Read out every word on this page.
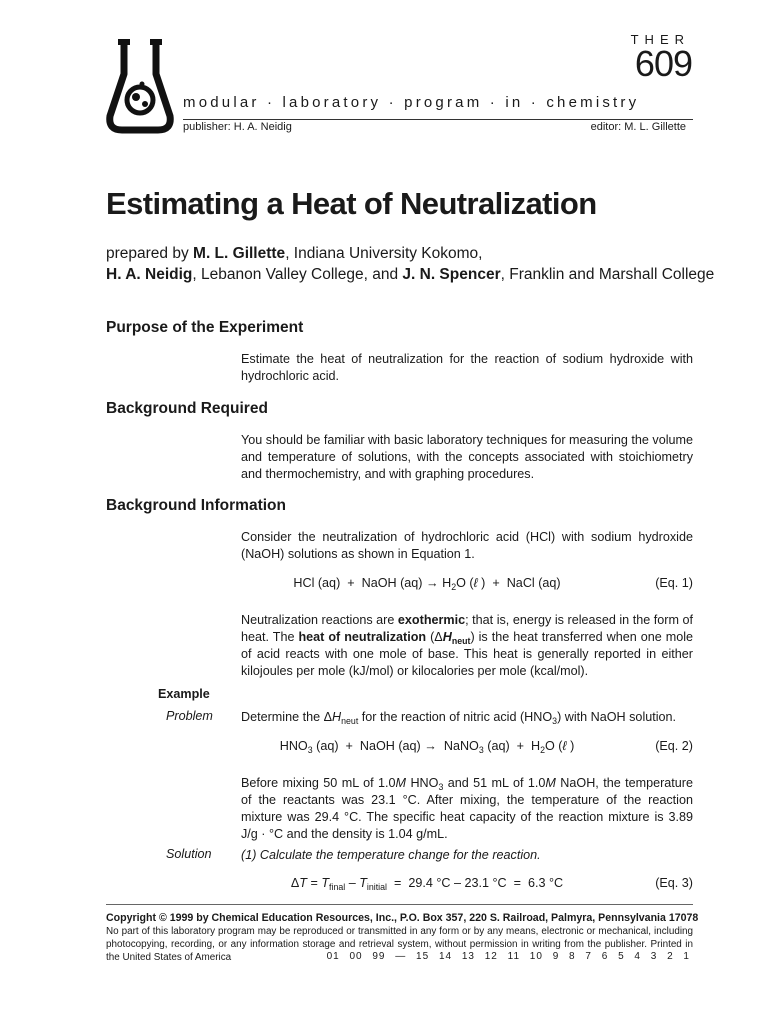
THER
609
modular · laboratory · program · in · chemistry
publisher: H. A. Neidig	editor: M. L. Gillette
Estimating a Heat of Neutralization
prepared by M. L. Gillette, Indiana University Kokomo,
H. A. Neidig, Lebanon Valley College, and J. N. Spencer, Franklin and Marshall College
Purpose of the Experiment
Estimate the heat of neutralization for the reaction of sodium hydroxide with hydrochloric acid.
Background Required
You should be familiar with basic laboratory techniques for measuring the volume and temperature of solutions, with the concepts associated with stoichiometry and thermochemistry, and with graphing procedures.
Background Information
Consider the neutralization of hydrochloric acid (HCl) with sodium hydroxide (NaOH) solutions as shown in Equation 1.
HCl (aq)  +  NaOH $(aq) \to H_2O$ (ℓ )  +  NaCl (aq)	(Eq. 1)
Neutralization reactions are exothermic; that is, energy is released in the form of heat. The heat of neutralization $(\Delta H_{neut})$ is the heat transferred when one mole of acid reacts with one mole of base. This heat is generally reported in either kilojoules per mole (kJ/mol) or kilocalories per mole (kcal/mol).
Example
Problem Determine the $\Delta H_{neut}$ for the reaction of nitric acid $(HNO_3)$ with NaOH solution.
$HNO_3$ (aq)  +  NaOH (aq) →  NaNO$_3$ $(aq) + H_2O$ (ℓ )	(Eq. 2)
Before mixing 50 mL of 1.0M $HNO_3$ and 51 mL of 1.0M NaOH, the temperature of the reactants was 23.1 °C. After mixing, the temperature of the reaction mixture was 29.4 °C. The specific heat capacity of the reaction mixture is 3.89 J/g · °C and the density is 1.04 g/mL.
Solution (1) Calculate the temperature change for the reaction.
$\Delta T = T_{final} - T_{initial} = 29.4$ °C – 23.1 °C  =  6.3 °C	(Eq. 3)
Copyright © 1999 by Chemical Education Resources, Inc., P.O. Box 357, 220 S. Railroad, Palmyra, Pennsylvania 17078
No part of this laboratory program may be reproduced or transmitted in any form or by any means, electronic or mechanical, including photocopying, recording, or any information storage and retrieval system, without permission in writing from the publisher. Printed in the United States of America	01 00 99 — 15 14 13 12 11 10 9 8 7 6 5 4 3 2 1
